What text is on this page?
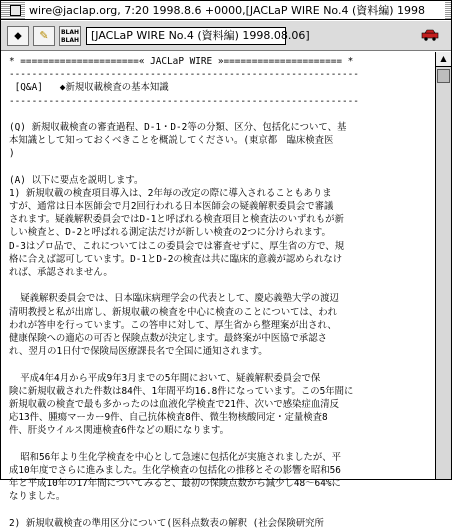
wire@jaclap.org, 7:20 1998.8.6 +0000,[JACLaP WIRE No.4 (資料編) 1998
⬥	✎	BLAH
BLAH	[JACLaP WIRE No.4 (資料編) 1998.08.06]
* =====================« JACLaP WIRE »===================== *
--------------------------------------------------------------
[Q&A]   ◆新規収載検査の基本知識
--------------------------------------------------------------
(Q) 新規収載検査の審査過程、D-1・D-2等の分類、区分、包括化について、基
本知識として知っておくべきことを概説してください。(東京都　臨床検査医
)
(A) 以下に要点を説明します。
1) 新規収載の検査項目導入は、2年毎の改定の際に導入されることもありま
すが、通常は日本医師会で月2回行われる日本医師会の疑義解釈委員会で審議
されます。疑義解釈委員会ではD-1と呼ばれる検査項目と検査法のいずれもが新
しい検査と、D-2と呼ばれる測定法だけが新しい検査の2つに分けられます。
D-3はゾロ品で、これについてはこの委員会では審査せずに、厚生省の方で、規
格に合えば認可しています。D-1とD-2の検査は共に臨床的意義が認められなけ
れば、承認されません。
疑義解釈委員会では、日本臨床病理学会の代表として、慶応義塾大学の渡辺
清明教授と私が出席し、新規収載の検査を中心に検査のことについては、われ
われが答申を行っています。この答申に対して、厚生省から整理案が出され、
健康保険への適応の可否と保険点数が決定します。最終案が中医協で承認さ
れ、翌月の1日付で保険局医療課長名で全国に通知されます。
平成4年4月から平成9年3月までの5年間において、疑義解釈委員会で保
険に新規収載された件数は84件、1年間平均16.8件になっています。この5年間に
新規収載の検査で最も多かったのは血液化学検査で21件、次いで感染症血清反
応13件、腫瘍マーカー9件、自己抗体検査8件、微生物核酸同定・定量検査8
件、肝炎ウイルス関連検査6件などの順になります。
昭和56年より生化学検査を中心として急速に包括化が実施されましたが、平
成10年度でさらに進みました。生化学検査の包括化の推移とその影響を昭和56
年と平成10年の17年間についてみると、最初の保険点数から減少し48～64%に
なりました。
2) 新規収載検査の準用区分について(医科点数表の解釈 (社会保険研究所
▲
